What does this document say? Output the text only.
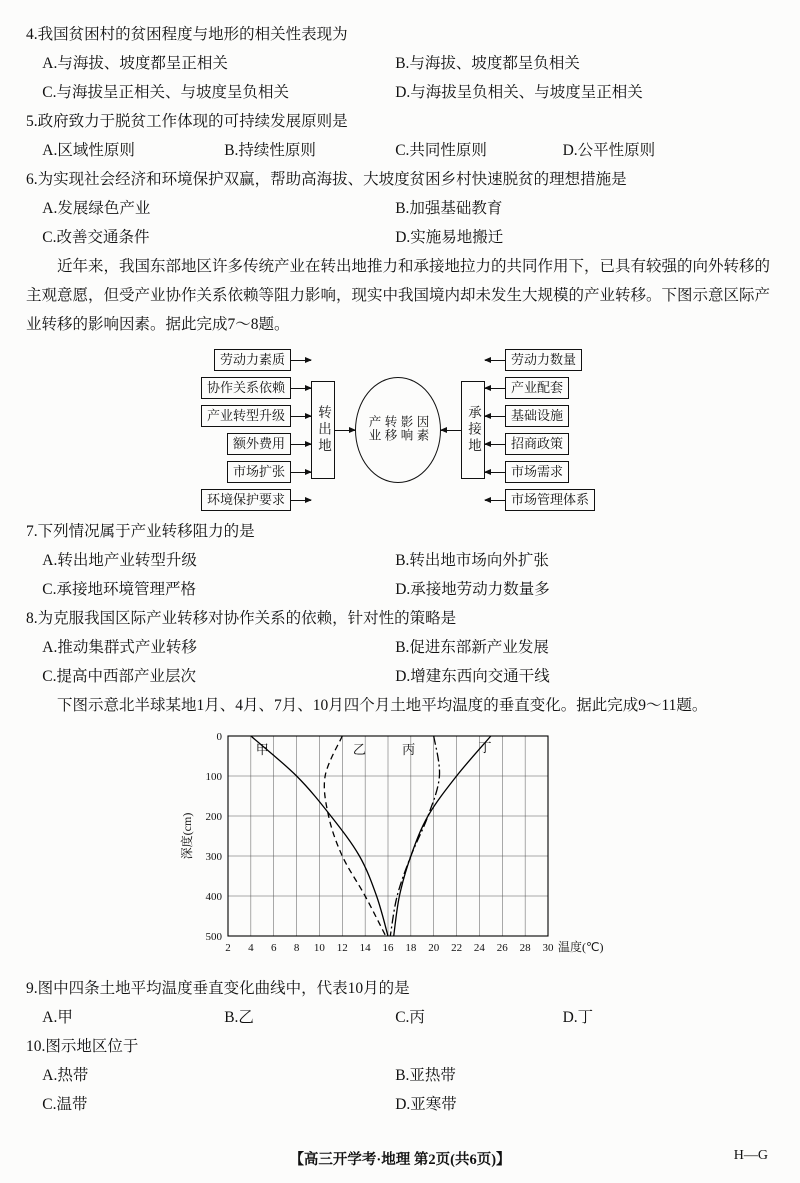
4.我国贫困村的贫困程度与地形的相关性表现为
A.与海拔、坡度都呈正相关	B.与海拔、坡度都呈负相关
C.与海拔呈正相关、与坡度呈负相关	D.与海拔呈负相关、与坡度呈正相关
5.政府致力于脱贫工作体现的可持续发展原则是
A.区域性原则	B.持续性原则	C.共同性原则	D.公平性原则
6.为实现社会经济和环境保护双赢，帮助高海拔、大坡度贫困乡村快速脱贫的理想措施是
A.发展绿色产业	B.加强基础教育
C.改善交通条件	D.实施易地搬迁
近年来，我国东部地区许多传统产业在转出地推力和承接地拉力的共同作用下，已具有较强的向外转移的主观意愿，但受产业协作关系依赖等阻力影响，现实中我国境内却未发生大规模的产业转移。下图示意区际产业转移的影响因素。据此完成7～8题。
劳动力素质
协作关系依赖
产业转型升级
额外费用
市场扩张
环境保护要求
转出地	产业转移影响因素	承接地
劳动力数量
产业配套
基础设施
招商政策
市场需求
市场管理体系
7.下列情况属于产业转移阻力的是
A.转出地产业转型升级	B.转出地市场向外扩张
C.承接地环境管理严格	D.承接地劳动力数量多
8.为克服我国区际产业转移对协作关系的依赖，针对性的策略是
A.推动集群式产业转移	B.促进东部新产业发展
C.提高中西部产业层次	D.增建东西向交通干线
下图示意北半球某地1月、4月、7月、10月四个月土地平均温度的垂直变化。据此完成9～11题。
2 4 6 8 10 12 14 16 18 20 22 24 26 28 30
0
100
200
300
400
500
温度(℃)
深度(cm)
甲	乙	丙	丁
9.图中四条土地平均温度垂直变化曲线中，代表10月的是
A.甲	B.乙	C.丙	D.丁
10.图示地区位于
A.热带	B.亚热带
C.温带	D.亚寒带
【高三开学考·地理 第2页(共6页)】	H—G
